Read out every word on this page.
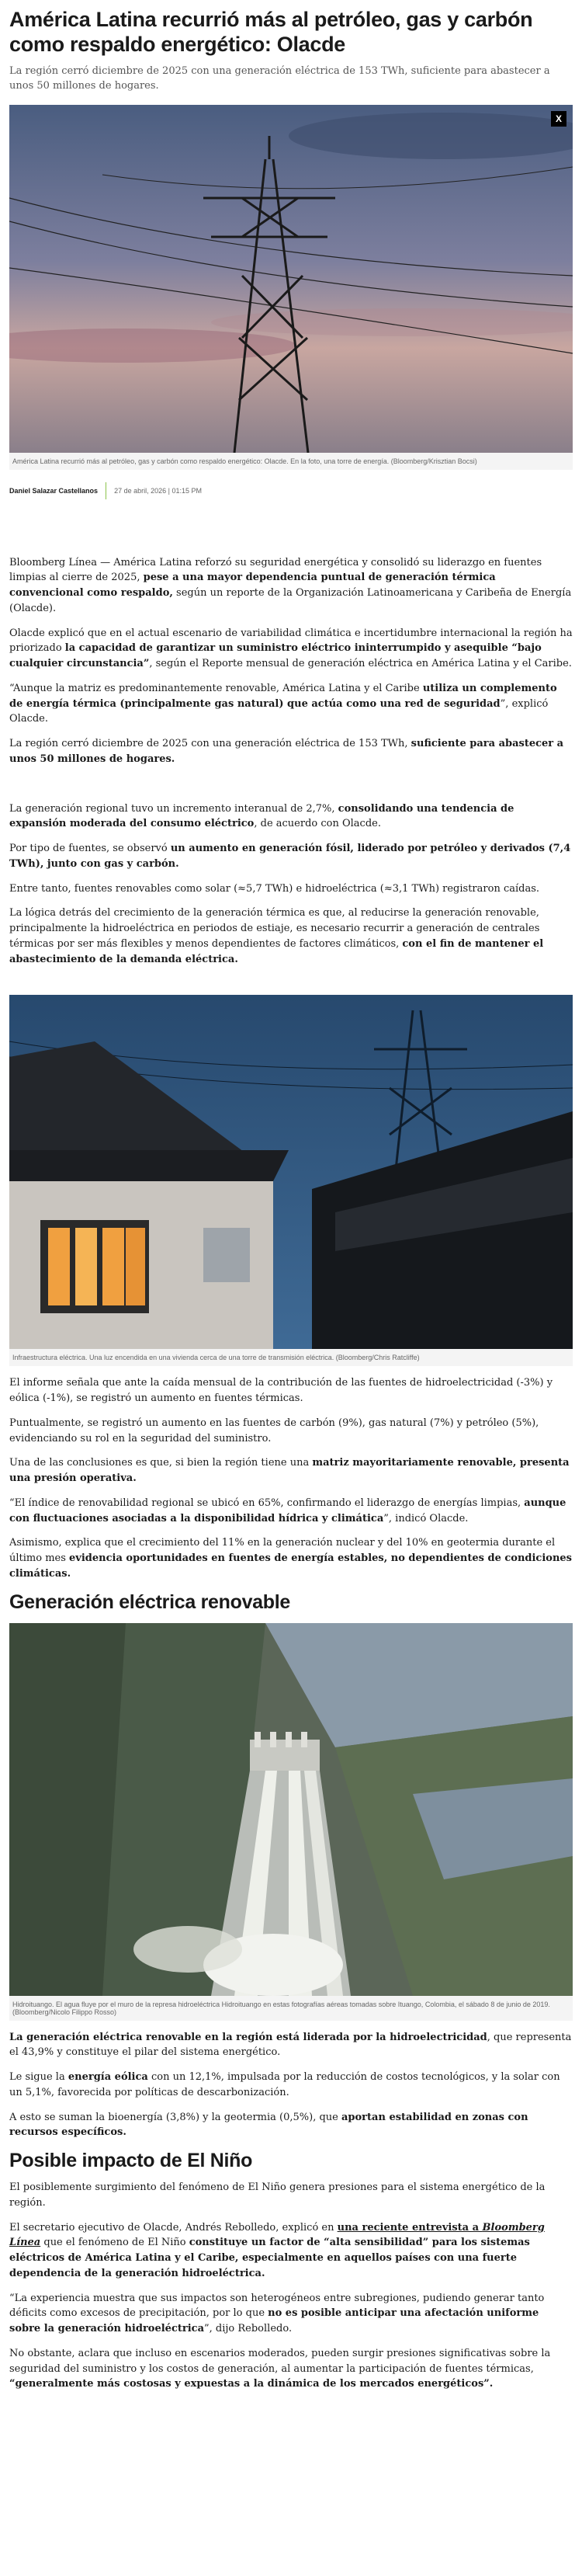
América Latina recurrió más al petróleo, gas y carbón como respaldo energético: Olacde

La región cerró diciembre de 2025 con una generación eléctrica de 153 TWh, suficiente para abastecer a unos 50 millones de hogares.

X
América Latina recurrió más al petróleo, gas y carbón como respaldo energético: Olacde. En la foto, una torre de energía. (Bloomberg/Krisztian Bocsi)
Daniel Salazar Castellanos 27 de abril, 2026 | 01:15 PM

Bloomberg Línea — América Latina reforzó su seguridad energética y consolidó su liderazgo en fuentes limpias al cierre de 2025, pese a una mayor dependencia puntual de generación térmica convencional como respaldo, según un reporte de la Organización Latinoamericana y Caribeña de Energía (Olacde).

Olacde explicó que en el actual escenario de variabilidad climática e incertidumbre internacional la región ha priorizado la capacidad de garantizar un suministro eléctrico ininterrumpido y asequible “bajo cualquier circunstancia”, según el Reporte mensual de generación eléctrica en América Latina y el Caribe.

“Aunque la matriz es predominantemente renovable, América Latina y el Caribe utiliza un complemento de energía térmica (principalmente gas natural) que actúa como una red de seguridad”, explicó Olacde.

La región cerró diciembre de 2025 con una generación eléctrica de 153 TWh, suficiente para abastecer a unos 50 millones de hogares.

La generación regional tuvo un incremento interanual de 2,7%, consolidando una tendencia de expansión moderada del consumo eléctrico, de acuerdo con Olacde.

Por tipo de fuentes, se observó un aumento en generación fósil, liderado por petróleo y derivados (7,4 TWh), junto con gas y carbón.

Entre tanto, fuentes renovables como solar (≈5,7 TWh) e hidroeléctrica (≈3,1 TWh) registraron caídas.

La lógica detrás del crecimiento de la generación térmica es que, al reducirse la generación renovable, principalmente la hidroeléctrica en periodos de estiaje, es necesario recurrir a generación de centrales térmicas por ser más flexibles y menos dependientes de factores climáticos, con el fin de mantener el abastecimiento de la demanda eléctrica.

Infraestructura eléctrica. Una luz encendida en una vivienda cerca de una torre de transmisión eléctrica. (Bloomberg/Chris Ratcliffe)

El informe señala que ante la caída mensual de la contribución de las fuentes de hidroelectricidad (-3%) y eólica (-1%), se registró un aumento en fuentes térmicas.

Puntualmente, se registró un aumento en las fuentes de carbón (9%), gas natural (7%) y petróleo (5%), evidenciando su rol en la seguridad del suministro.

Una de las conclusiones es que, si bien la región tiene una matriz mayoritariamente renovable, presenta una presión operativa.

“El índice de renovabilidad regional se ubicó en 65%, confirmando el liderazgo de energías limpias, aunque con fluctuaciones asociadas a la disponibilidad hídrica y climática”, indicó Olacde.

Asimismo, explica que el crecimiento del 11% en la generación nuclear y del 10% en geotermia durante el último mes evidencia oportunidades en fuentes de energía estables, no dependientes de condiciones climáticas.

Generación eléctrica renovable
Hidroituango. El agua fluye por el muro de la represa hidroeléctrica Hidroituango en estas fotografías aéreas tomadas sobre Ituango, Colombia, el sábado 8 de junio de 2019. (Bloomberg/Nicolo Filippo Rosso)

La generación eléctrica renovable en la región está liderada por la hidroelectricidad, que representa el 43,9% y constituye el pilar del sistema energético.

Le sigue la energía eólica con un 12,1%, impulsada por la reducción de costos tecnológicos, y la solar con un 5,1%, favorecida por políticas de descarbonización.

A esto se suman la bioenergía (3,8%) y la geotermia (0,5%), que aportan estabilidad en zonas con recursos específicos.

Posible impacto de El Niño

El posiblemente surgimiento del fenómeno de El Niño genera presiones para el sistema energético de la región.

El secretario ejecutivo de Olacde, Andrés Rebolledo, explicó en una reciente entrevista a Bloomberg Línea que el fenómeno de El Niño constituye un factor de “alta sensibilidad” para los sistemas eléctricos de América Latina y el Caribe, especialmente en aquellos países con una fuerte dependencia de la generación hidroeléctrica.

“La experiencia muestra que sus impactos son heterogéneos entre subregiones, pudiendo generar tanto déficits como excesos de precipitación, por lo que no es posible anticipar una afectación uniforme sobre la generación hidroeléctrica”, dijo Rebolledo.

No obstante, aclara que incluso en escenarios moderados, pueden surgir presiones significativas sobre la seguridad del suministro y los costos de generación, al aumentar la participación de fuentes térmicas, “generalmente más costosas y expuestas a la dinámica de los mercados energéticos”.
